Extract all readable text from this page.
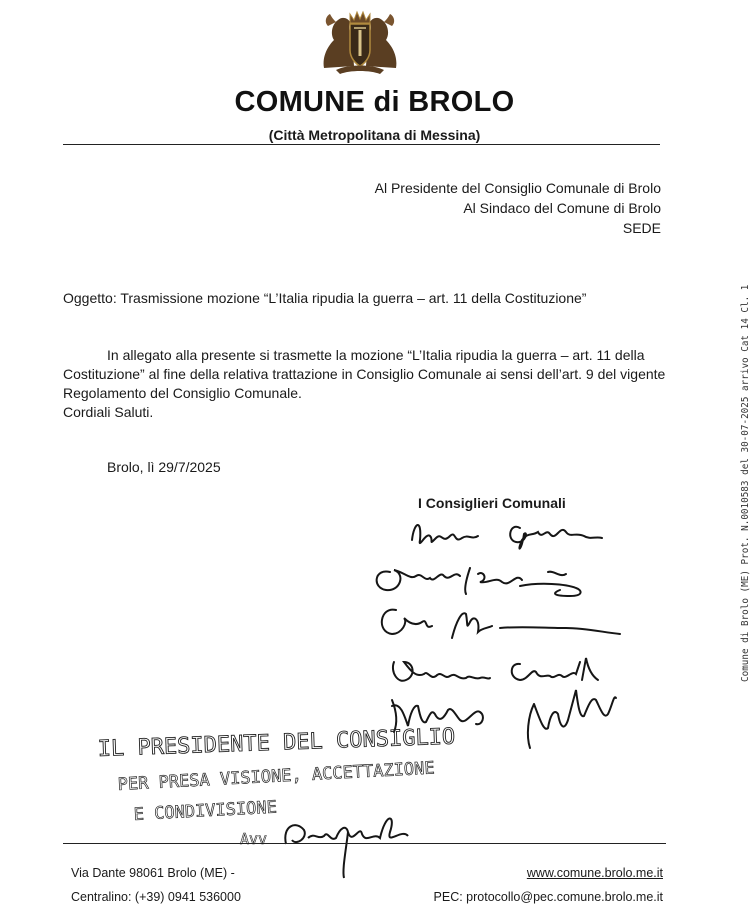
COMUNE di BROLO
(Città Metropolitana di Messina)
Al Presidente del Consiglio Comunale di Brolo
Al Sindaco del Comune di Brolo
SEDE
Oggetto: Trasmissione mozione “L’Italia ripudia la guerra – art. 11 della Costituzione”
In allegato alla presente si trasmette la mozione “L’Italia ripudia la guerra – art. 11 della
Costituzione” al fine della relativa trattazione in Consiglio Comunale ai sensi dell’art. 9 del vigente
Regolamento del Consiglio Comunale.
Cordiali Saluti.
Brolo, lì 29/7/2025
I Consiglieri Comunali
IL PRESIDENTE DEL CONSIGLIO
PER PRESA VISIONE, ACCETTAZIONE
E CONDIVISIONE
Avv
Via Dante 98061 Brolo (ME) -
Centralino: (+39) 0941 536000
www.comune.brolo.me.it
PEC: protocollo@pec.comune.brolo.me.it
Comune di Brolo (ME) Prot. N.0010583 del 30-07-2025 arrivo Cat 14 Cl. 1
